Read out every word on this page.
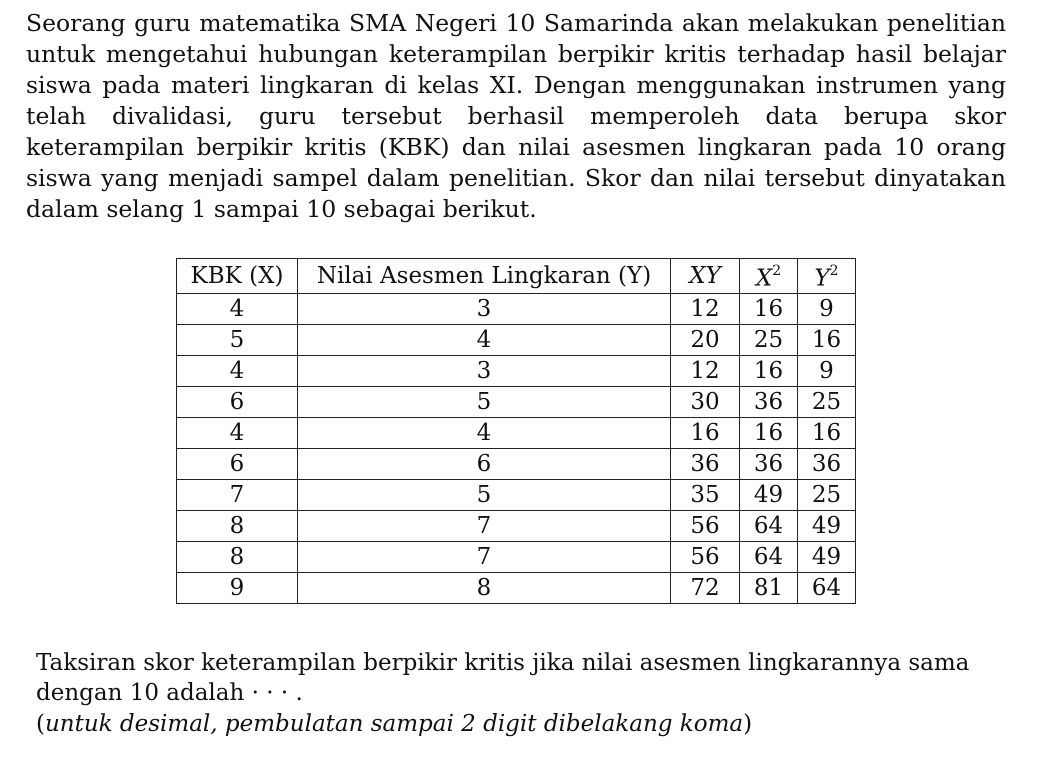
Seorang guru matematika SMA Negeri 10 Samarinda akan melakukan penelitian untuk mengetahui hubungan keterampilan berpikir kritis terhadap hasil belajar siswa pada materi lingkaran di kelas XI. Dengan menggunakan instrumen yang telah divalidasi, guru tersebut berhasil memperoleh data berupa skor keterampilan berpikir kritis (KBK) dan nilai asesmen lingkaran pada 10 orang siswa yang menjadi sampel dalam penelitian. Skor dan nilai tersebut dinyatakan dalam selang 1 sampai 10 sebagai berikut.
KBK (X)	Nilai Asesmen Lingkaran (Y)	XY	$X^2$	$Y^2$
4	3	12	16	9
5	4	20	25	16
4	3	12	16	9
6	5	30	36	25
4	4	16	16	16
6	6	36	36	36
7	5	35	49	25
8	7	56	64	49
8	7	56	64	49
9	8	72	81	64
Taksiran skor keterampilan berpikir kritis jika nilai asesmen lingkarannya sama dengan 10 adalah · · · .
(untuk desimal, pembulatan sampai 2 digit dibelakang koma)
